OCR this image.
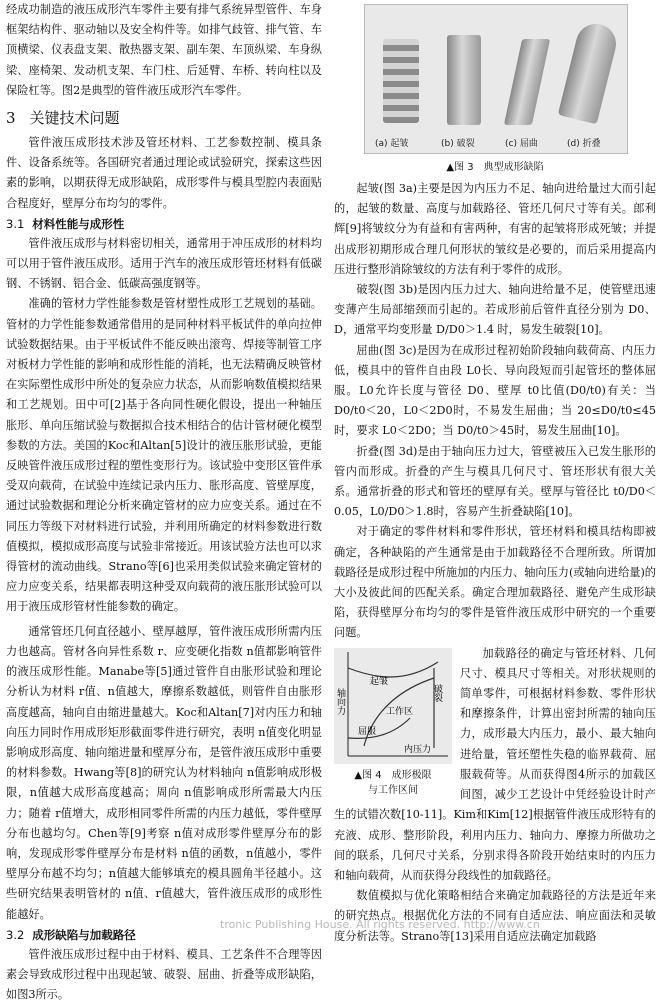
经成功制造的液压成形汽车零件主要有排气系统异型管件、车身框架结构件、驱动轴以及安全构件等。如排气歧管、排气管、车顶横梁、仪表盘支架、散热器支架、副车架、车顶纵梁、车身纵梁、座椅架、发动机支架、车门柱、后延臂、车桥、转向柱以及保险杠等。图2是典型的管件液压成形汽车零件。

3 关键技术问题

管件液压成形技术涉及管坯材料、工艺参数控制、模具条件、设备系统等。各国研究者通过理论或试验研究，探索这些因素的影响，以期获得无成形缺陷，成形零件与模具型腔内表面贴合程度好，壁厚分布均匀的零件。

3.1 材料性能与成形性

管件液压成形与材料密切相关，通常用于冲压成形的材料均可以用于管件液压成形。适用于汽车的液压成形管坯材料有低碳钢、不锈钢、铝合金、低碳高强度钢等。

准确的管材力学性能参数是管材塑性成形工艺规划的基础。管材的力学性能参数通常借用的是同种材料平板试件的单向拉伸试验数据结果。由于平板试件不能反映出滚弯、焊接等制管工序对板材力学性能的影响和成形性能的消耗，也无法精确反映管材在实际塑性成形中所处的复杂应力状态，从而影响数值模拟结果和工艺规划。田中可[2]基于各向同性硬化假设，提出一种轴压胀形、单向压缩试验与数据拟合技术相结合的估计管材硬化模型参数的方法。美国的Koc和Altan[5]设计的液压胀形试验，更能反映管件液压成形过程的塑性变形行为。该试验中变形区管件承受双向载荷，在试验中连续记录内压力、胀形高度、管壁厚度，通过试验数据和理论分析来确定管材的应力应变关系。通过在不同压力等级下对材料进行试验，并利用所确定的材料参数进行数值模拟，模拟成形高度与试验非常接近。用该试验方法也可以求得管材的流动曲线。Strano等[6]也采用类似试验来确定管材的应力应变关系，结果都表明这种受双向载荷的液压胀形试验可以用于液压成形管材性能参数的确定。

通常管坯几何直径越小、壁厚越厚，管件液压成形所需内压力也越高。管材各向异性系数 r、应变硬化指数 n值都影响管件的液压成形性能。Manabe等[5]通过管件自由胀形试验和理论分析认为材料 r值、n值越大，摩擦系数越低，则管件自由胀形高度越高，轴向自由缩进量越大。Koc和Altan[7]对内压力和轴向压力同时作用成形矩形截面零件进行研究，表明 n值变化明显影响成形高度、轴向缩进量和壁厚分布，是管件液压成形中重要的材料参数。Hwang等[8]的研究认为材料轴向 n值影响成形极限，n值越大成形高度越高；周向 n值影响成形所需最大内压力；随着 r值增大，成形相同零件所需的内压力越低，零件壁厚分布也越均匀。Chen等[9]考察 n值对成形零件壁厚分布的影响，发现成形零件壁厚分布是材料 n值的函数，n值越小，零件壁厚分布越不均匀；n值越大能够填充的模具圆角半径越小。这些研究结果表明管材的 n值、r值越大，管件液压成形的成形性能越好。

3.2 成形缺陷与加载路径

管件液压成形过程中由于材料、模具、工艺条件不合理等因素会导致成形过程中出现起皱、破裂、屈曲、折叠等成形缺陷，如图3所示。

(a) 起皱	(b) 破裂	(c) 屈曲	(d) 折叠
▲图 3　典型成形缺陷

起皱(图 3a)主要是因为内压力不足、轴向进给量过大而引起的，起皱的数量、高度与加载路径、管坯几何尺寸等有关。郎利辉[9]将皱纹分为有益和有害两种，有害的起皱将形成死皱；并提出成形初期形成合理几何形状的皱纹是必要的，而后采用提高内压进行整形消除皱纹的方法有利于零件的成形。

破裂(图 3b)是因内压力过大、轴向进给量不足，使管壁迅速变薄产生局部缩颈而引起的。若成形前后管件直径分别为 D0、D，通常平均变形量 D/D0＞1.4 时，易发生破裂[10]。

屈曲(图 3c)是因为在成形过程初始阶段轴向载荷高、内压力低，模具中的管件自由段 L0长、导向段短而引起管坯的整体屈服。L0允许长度与管径 D0、壁厚 t0比值(D0/t0)有关：当 D0/t0＜20，L0＜2D0时，不易发生屈曲；当 20≤D0/t0≤45时，要求 L0＜2D0；当 D0/t0＞45时，易发生屈曲[10]。

折叠(图 3d)是由于轴向压力过大，管壁被压入已发生胀形的管内而形成。折叠的产生与模具几何尺寸、管坯形状有很大关系。通常折叠的形式和管坯的壁厚有关。壁厚与管径比 t0/D0＜0.05，L0/D0＞1.8时，容易产生折叠缺陷[10]。

对于确定的零件材料和零件形状，管坯材料和模具结构即被确定，各种缺陷的产生通常是由于加载路径不合理所致。所谓加载路径是成形过程中所施加的内压力、轴向压力(或轴向进给量)的大小及彼此间的匹配关系。确定合理加载路径、避免产生成形缺陷，获得壁厚分布均匀的零件是管件液压成形中研究的一个重要问题。

轴向力
内压力
起皱
工作区
屈服
破裂
▲图 4　成形极限
与工作区间

加载路径的确定与管坯材料、几何尺寸、模具尺寸等相关。对形状规则的简单零件，可根据材料参数、零件形状和摩擦条件，计算出密封所需的轴向压力，成形最大内压力，最小、最大轴向进给量，管坯塑性失稳的临界载荷、屈服载荷等。从而获得图4所示的加载区间图，减少工艺设计中凭经验设计时产生的试错次数[10-11]。Kim和Kim[12]根据管件液压成形特有的充液、成形、整形阶段，利用内压力、轴向力、摩擦力所做功之间的联系，几何尺寸关系，分别求得各阶段开始结束时的内压力和轴向载荷，从而获得分段线性的加载路径。

数值模拟与优化策略相结合来确定加载路径的方法是近年来的研究热点。根据优化方法的不同有自适应法、响应面法和灵敏度分析法等。Strano等[13]采用自适应法确定加载路

tronic Publishing House. All rights reserved. http://www.cn
